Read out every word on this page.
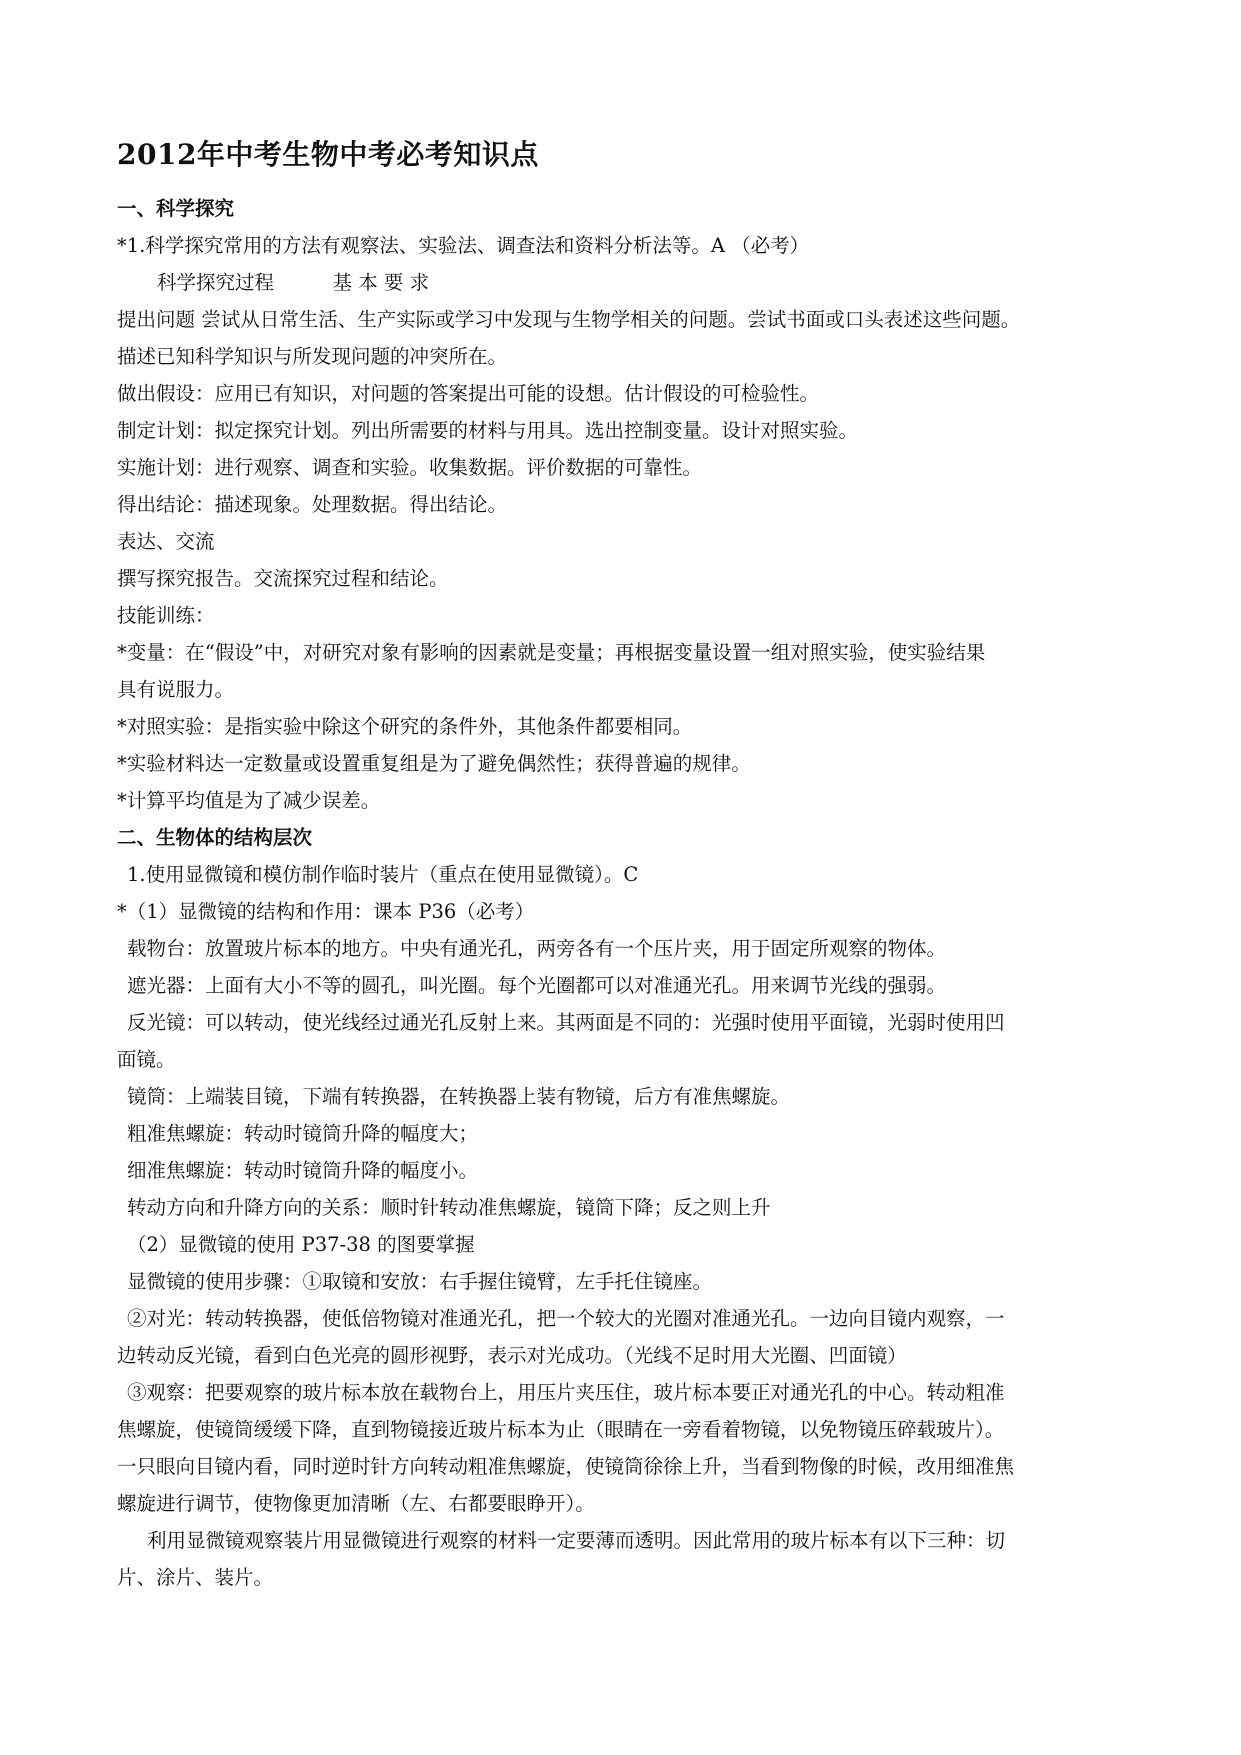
2012年中考生物中考必考知识点
一、科学探究
*1.科学探究常用的方法有观察法、实验法、调查法和资料分析法等。A （必考）
科学探究过程　　　基 本 要 求
提出问题 尝试从日常生活、生产实际或学习中发现与生物学相关的问题。尝试书面或口头表述这些问题。
描述已知科学知识与所发现问题的冲突所在。
做出假设：应用已有知识，对问题的答案提出可能的设想。估计假设的可检验性。
制定计划：拟定探究计划。列出所需要的材料与用具。选出控制变量。设计对照实验。
实施计划：进行观察、调查和实验。收集数据。评价数据的可靠性。
得出结论：描述现象。处理数据。得出结论。
表达、交流
撰写探究报告。交流探究过程和结论。
技能训练：
*变量：在“假设”中，对研究对象有影响的因素就是变量；再根据变量设置一组对照实验，使实验结果
具有说服力。
*对照实验：是指实验中除这个研究的条件外，其他条件都要相同。
*实验材料达一定数量或设置重复组是为了避免偶然性；获得普遍的规律。
*计算平均值是为了减少误差。
二、生物体的结构层次
1.使用显微镜和模仿制作临时装片（重点在使用显微镜）。C
*（1）显微镜的结构和作用：课本 P36（必考）
载物台：放置玻片标本的地方。中央有通光孔，两旁各有一个压片夹，用于固定所观察的物体。
遮光器：上面有大小不等的圆孔，叫光圈。每个光圈都可以对准通光孔。用来调节光线的强弱。
反光镜：可以转动，使光线经过通光孔反射上来。其两面是不同的：光强时使用平面镜，光弱时使用凹
面镜。
镜筒：上端装目镜，下端有转换器，在转换器上装有物镜，后方有准焦螺旋。
粗准焦螺旋：转动时镜筒升降的幅度大；
细准焦螺旋：转动时镜筒升降的幅度小。
转动方向和升降方向的关系：顺时针转动准焦螺旋，镜筒下降；反之则上升
（2）显微镜的使用 P37-38 的图要掌握
显微镜的使用步骤：①取镜和安放：右手握住镜臂，左手托住镜座。
②对光：转动转换器，使低倍物镜对准通光孔，把一个较大的光圈对准通光孔。一边向目镜内观察，一
边转动反光镜，看到白色光亮的圆形视野，表示对光成功。（光线不足时用大光圈、凹面镜）
③观察：把要观察的玻片标本放在载物台上，用压片夹压住，玻片标本要正对通光孔的中心。转动粗准
焦螺旋，使镜筒缓缓下降，直到物镜接近玻片标本为止（眼睛在一旁看着物镜，以免物镜压碎载玻片）。
一只眼向目镜内看，同时逆时针方向转动粗准焦螺旋，使镜筒徐徐上升，当看到物像的时候，改用细准焦
螺旋进行调节，使物像更加清晰（左、右都要眼睁开）。
利用显微镜观察装片用显微镜进行观察的材料一定要薄而透明。因此常用的玻片标本有以下三种：切
片、涂片、装片。
